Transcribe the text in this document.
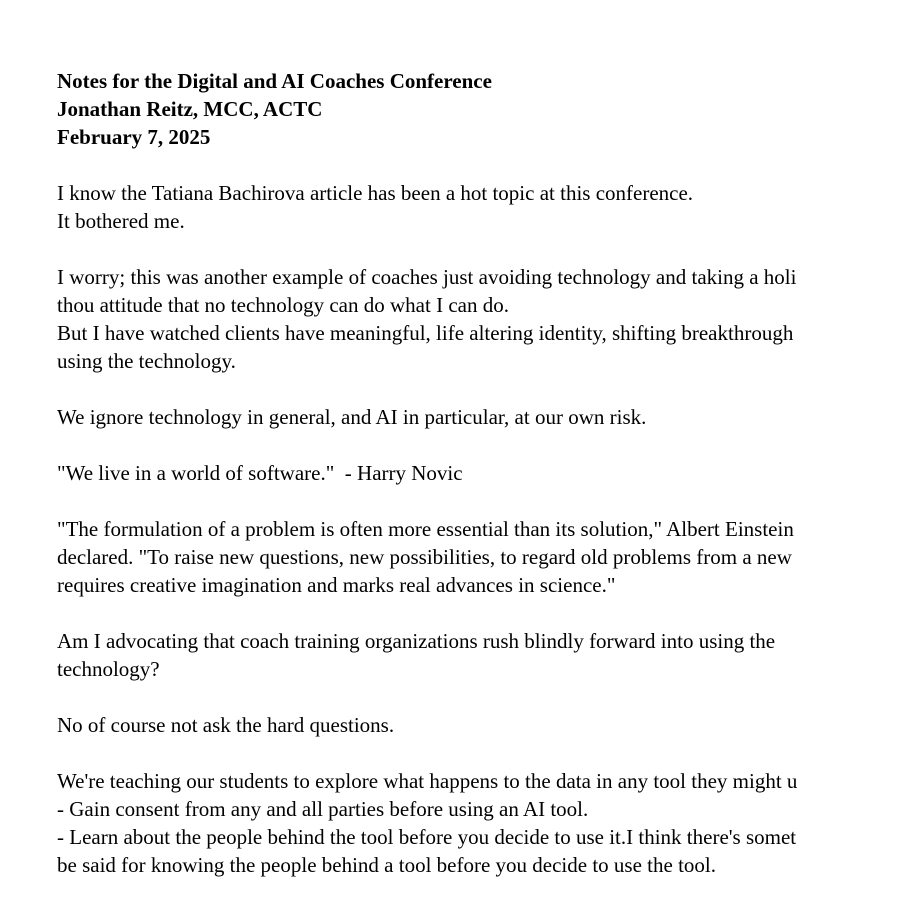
Notes for the Digital and AI Coaches Conference
Jonathan Reitz, MCC, ACTC
February 7, 2025
I know the Tatiana Bachirova article has been a hot topic at this conference.
It bothered me.
I worry; this was another example of coaches just avoiding technology and taking a holi
thou attitude that no technology can do what I can do.
But I have watched clients have meaningful, life altering identity, shifting breakthrough
using the technology.
We ignore technology in general, and AI in particular, at our own risk.
"We live in a world of software."  - Harry Novic
"The formulation of a problem is often more essential than its solution," Albert Einstein
declared. "To raise new questions, new possibilities, to regard old problems from a new
requires creative imagination and marks real advances in science."
Am I advocating that coach training organizations rush blindly forward into using the
technology?
No of course not ask the hard questions.
We're teaching our students to explore what happens to the data in any tool they might u
- Gain consent from any and all parties before using an AI tool.
- Learn about the people behind the tool before you decide to use it.I think there's somet
be said for knowing the people behind a tool before you decide to use the tool.
